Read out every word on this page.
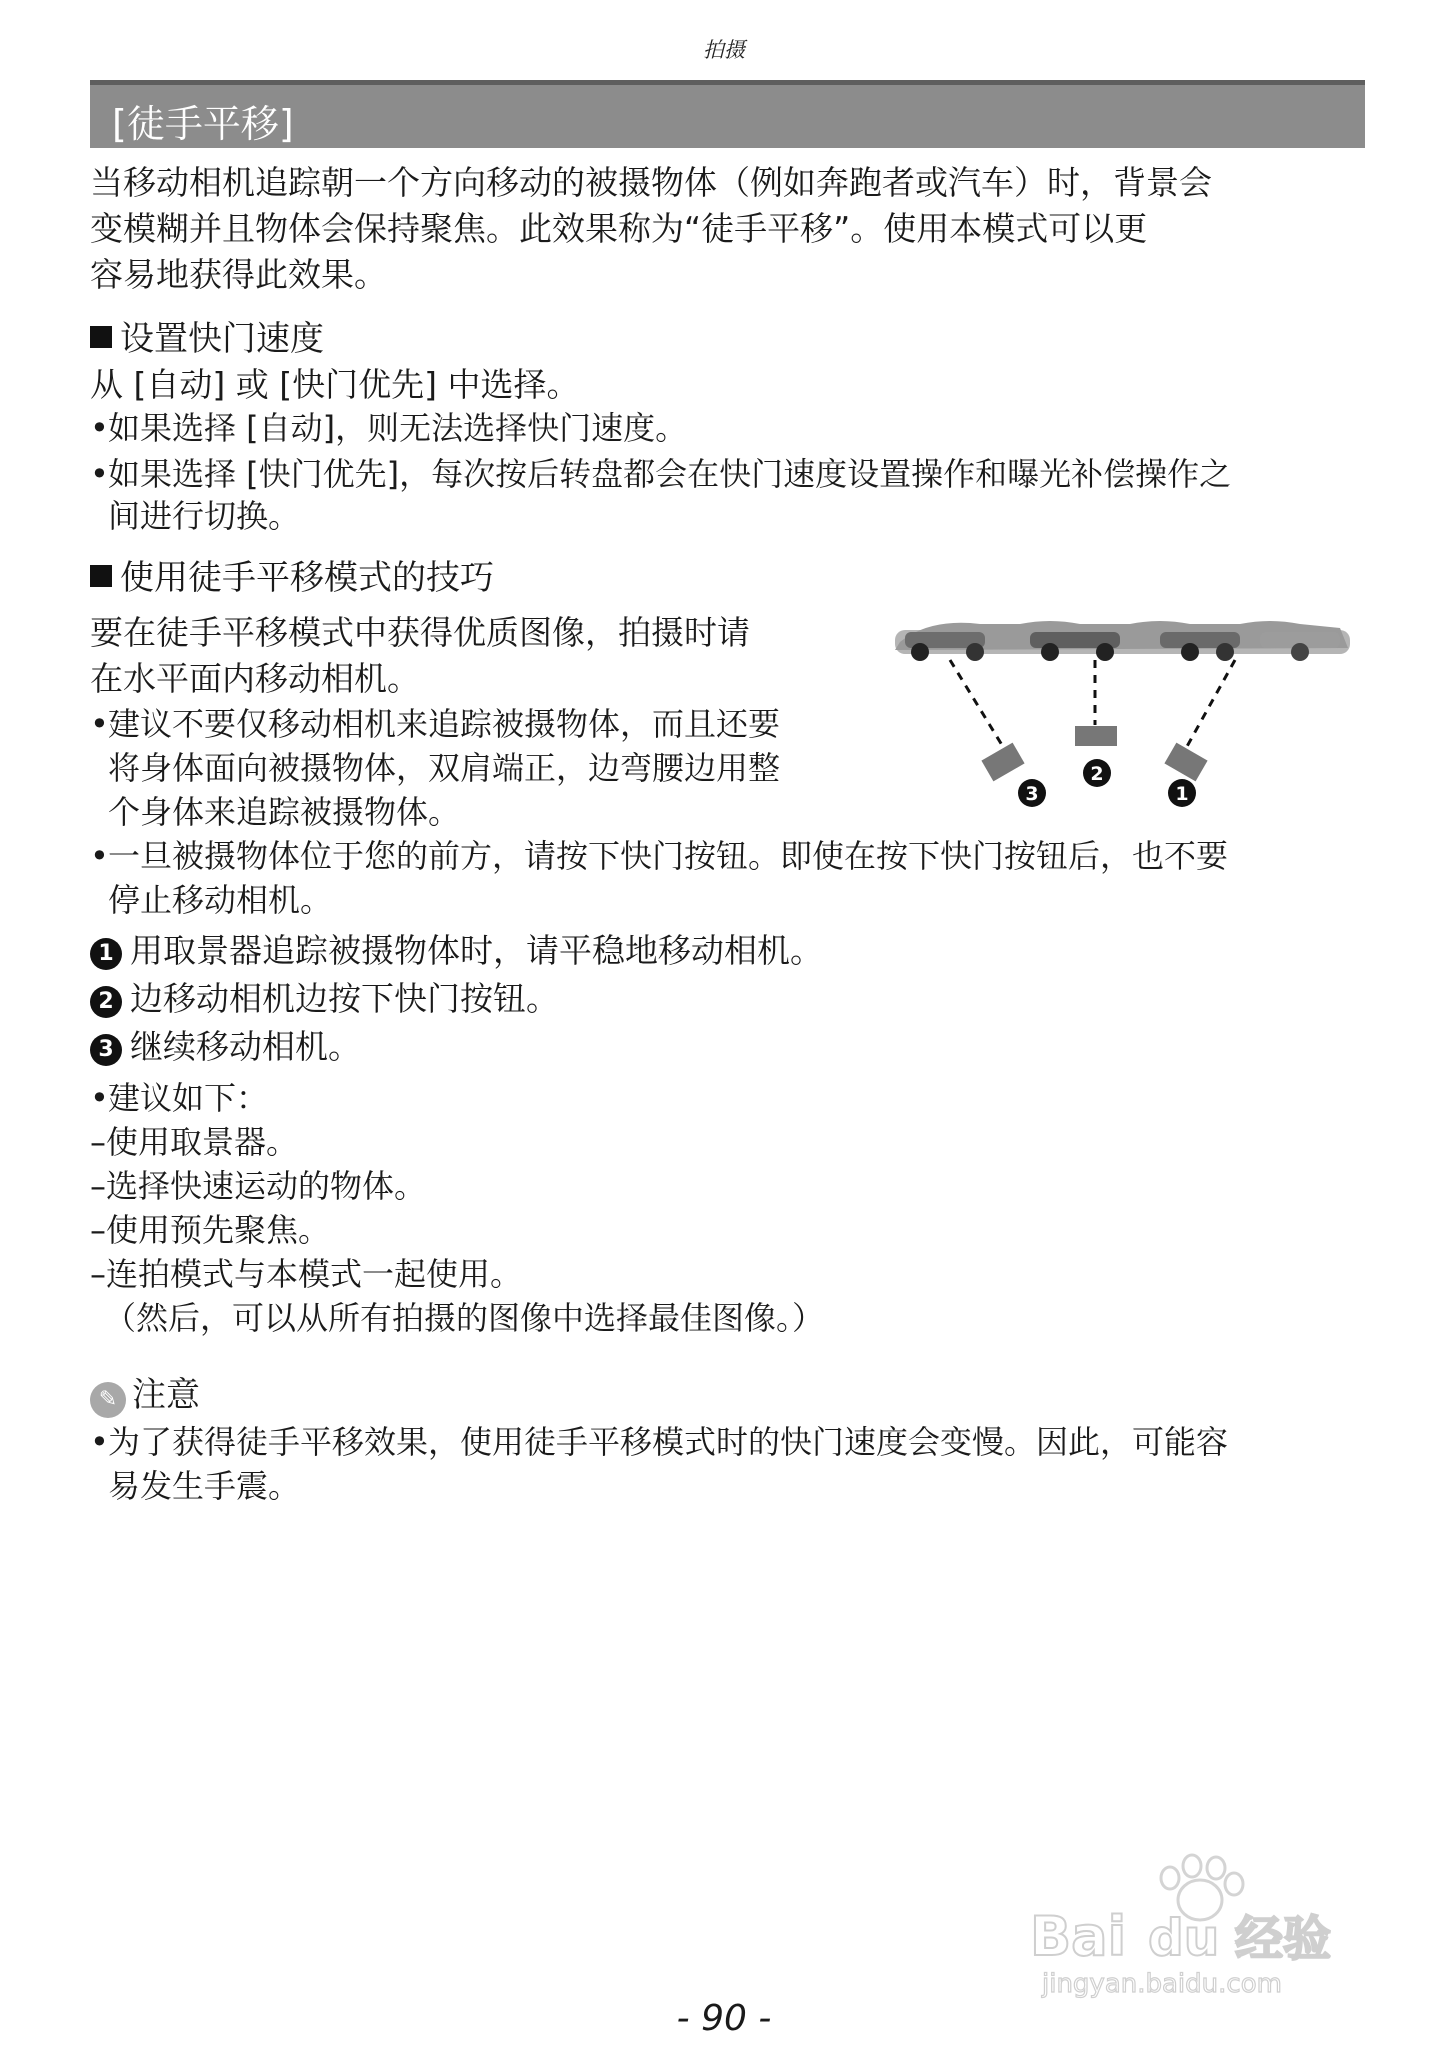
拍摄
[徒手平移]
当移动相机追踪朝一个方向移动的被摄物体（例如奔跑者或汽车）时，背景会
变模糊并且物体会保持聚焦。此效果称为“徒手平移”。使用本模式可以更
容易地获得此效果。
设置快门速度
从 [自动] 或 [快门优先] 中选择。
•如果选择 [自动]，则无法选择快门速度。
•如果选择 [快门优先]，每次按后转盘都会在快门速度设置操作和曝光补偿操作之
间进行切换。
使用徒手平移模式的技巧
要在徒手平移模式中获得优质图像，拍摄时请
在水平面内移动相机。
•建议不要仅移动相机来追踪被摄物体，而且还要
将身体面向被摄物体，双肩端正，边弯腰边用整
个身体来追踪被摄物体。
•一旦被摄物体位于您的前方，请按下快门按钮。即使在按下快门按钮后，也不要
停止移动相机。
3
2
1
1 用取景器追踪被摄物体时，请平稳地移动相机。
2 边移动相机边按下快门按钮。
3 继续移动相机。
•建议如下：
–使用取景器。
–选择快速运动的物体。
–使用预先聚焦。
–连拍模式与本模式一起使用。
（然后，可以从所有拍摄的图像中选择最佳图像。）
✎ 注意
•为了获得徒手平移效果，使用徒手平移模式时的快门速度会变慢。因此，可能容
易发生手震。
Bai du 经验
jingyan.baidu.com
- 90 -
